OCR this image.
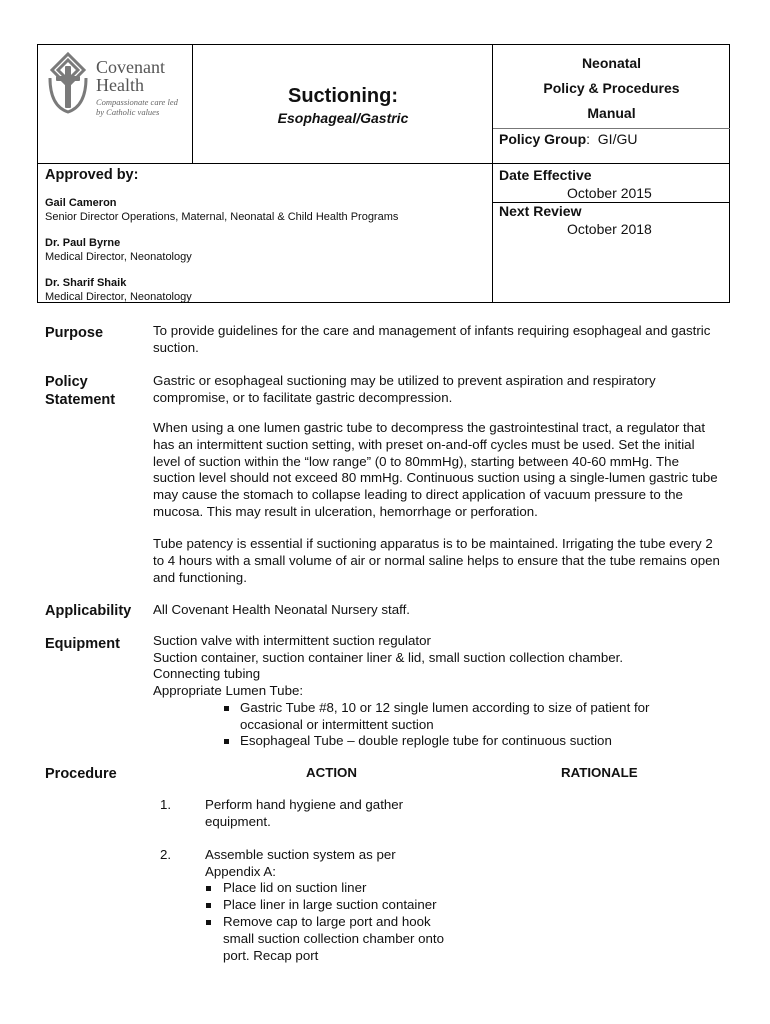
Covenant
Health
Compassionate care led
by Catholic values
Suctioning:
Esophageal/Gastric
Neonatal
Policy & Procedures
Manual
Policy Group:  GI/GU
Approved by:
Gail Cameron
Senior Director Operations, Maternal, Neonatal & Child Health Programs
Dr. Paul Byrne
Medical Director, Neonatology
Dr. Sharif Shaik
Medical Director, Neonatology
Date Effective
October 2015
Next Review
October 2018
Purpose	To provide guidelines for the care and management of infants requiring esophageal and gastric suction.
Policy
Statement
Gastric or esophageal suctioning may be utilized to prevent aspiration and respiratory compromise, or to facilitate gastric decompression.
When using a one lumen gastric tube to decompress the gastrointestinal tract, a regulator that has an intermittent suction setting, with preset on-and-off cycles must be used. Set the initial level of suction within the “low range” (0 to 80mmHg), starting between 40-60 mmHg. The suction level should not exceed 80 mmHg. Continuous suction using a single-lumen gastric tube may cause the stomach to collapse leading to direct application of vacuum pressure to the mucosa. This may result in ulceration, hemorrhage or perforation.
Tube patency is essential if suctioning apparatus is to be maintained. Irrigating the tube every 2 to 4 hours with a small volume of air or normal saline helps to ensure that the tube remains open and functioning.
Applicability All Covenant Health Neonatal Nursery staff.
Equipment Suction valve with intermittent suction regulator
Suction container, suction container liner & lid, small suction collection chamber.
Connecting tubing
Appropriate Lumen Tube:
Gastric Tube #8, 10 or 12 single lumen according to size of patient for occasional or intermittent suction
Esophageal Tube – double replogle tube for continuous suction
Procedure	ACTION	RATIONALE
1.	Perform hand hygiene and gather equipment.
2.	Assemble suction system as per Appendix A:
Place lid on suction liner
Place liner in large suction container
Remove cap to large port and hook small suction collection chamber onto port. Recap port
